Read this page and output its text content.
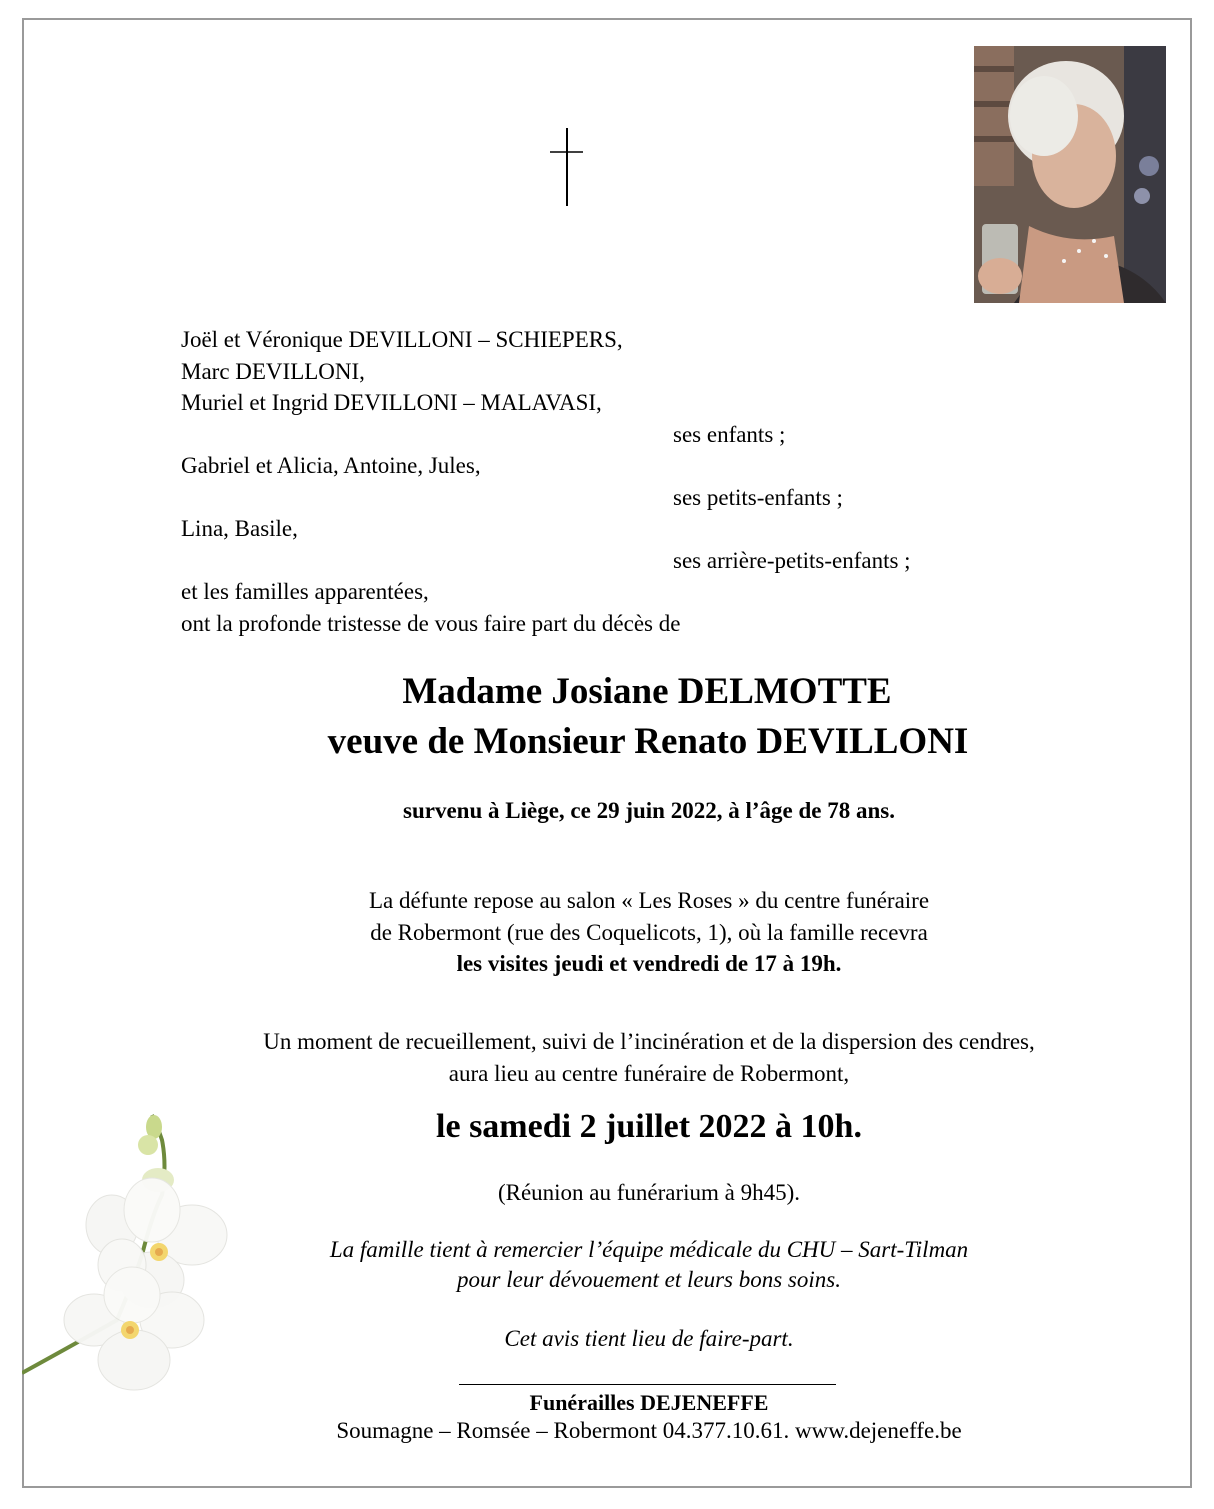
Joël et Véronique DEVILLONI – SCHIEPERS,
Marc DEVILLONI,
Muriel et Ingrid DEVILLONI – MALAVASI,
ses enfants ;
Gabriel et Alicia, Antoine, Jules,
ses petits-enfants ;
Lina, Basile,
ses arrière-petits-enfants ;
et les familles apparentées,
ont la profonde tristesse de vous faire part du décès de
Madame Josiane DELMOTTE
veuve de Monsieur Renato DEVILLONI
survenu à Liège, ce 29 juin 2022, à l’âge de 78 ans.
La défunte repose au salon « Les Roses » du centre funéraire
de Robermont (rue des Coquelicots, 1), où la famille recevra
les visites jeudi et vendredi de 17 à 19h.
Un moment de recueillement, suivi de l’incinération et de la dispersion des cendres,
aura lieu au centre funéraire de Robermont,
le samedi 2 juillet 2022 à 10h.
(Réunion au funérarium à 9h45).
La famille tient à remercier l’équipe médicale du CHU – Sart-Tilman
pour leur dévouement et leurs bons soins.
Cet avis tient lieu de faire-part.
Funérailles DEJENEFFE
Soumagne – Romsée – Robermont 04.377.10.61. www.dejeneffe.be
